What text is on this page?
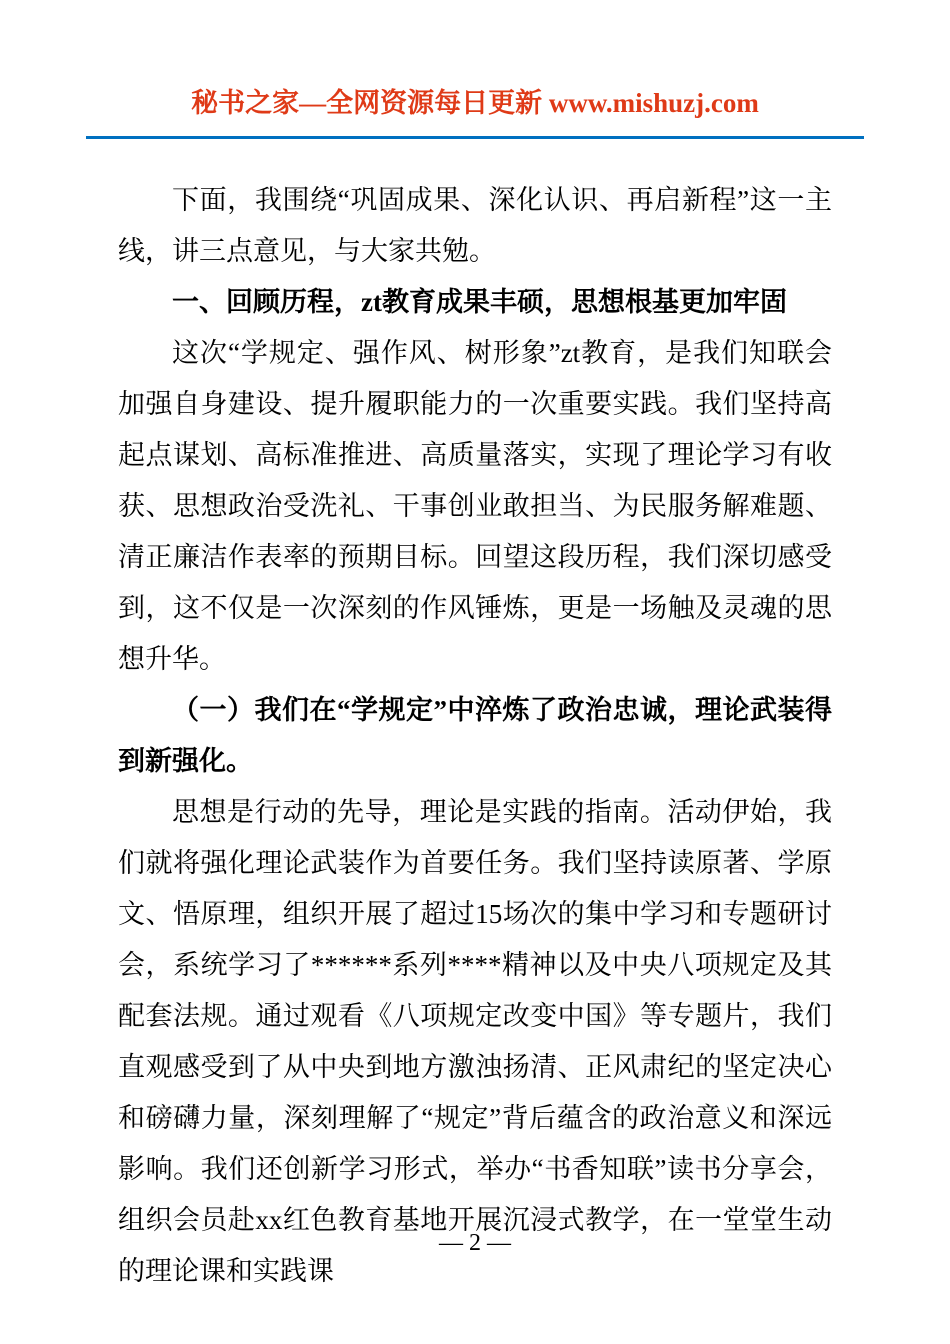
秘书之家—全网资源每日更新 www.mishuzj.com

下面，我围绕“巩固成果、深化认识、再启新程”这一主线，讲三点意见，与大家共勉。

一、回顾历程，zt教育成果丰硕，思想根基更加牢固

这次“学规定、强作风、树形象”zt教育，是我们知联会加强自身建设、提升履职能力的一次重要实践。我们坚持高起点谋划、高标准推进、高质量落实，实现了理论学习有收获、思想政治受洗礼、干事创业敢担当、为民服务解难题、清正廉洁作表率的预期目标。回望这段历程，我们深切感受到，这不仅是一次深刻的作风锤炼，更是一场触及灵魂的思想升华。

（一）我们在“学规定”中淬炼了政治忠诚，理论武装得到新强化。

思想是行动的先导，理论是实践的指南。活动伊始，我们就将强化理论武装作为首要任务。我们坚持读原著、学原文、悟原理，组织开展了超过15场次的集中学习和专题研讨会，系统学习了******系列****精神以及中央八项规定及其配套法规。通过观看《八项规定改变中国》等专题片，我们直观感受到了从中央到地方激浊扬清、正风肃纪的坚定决心和磅礴力量，深刻理解了“规定”背后蕴含的政治意义和深远影响。我们还创新学习形式，举办“书香知联”读书分享会，组织会员赴xx红色教育基地开展沉浸式教学，在一堂堂生动的理论课和实践课

— 2 —
